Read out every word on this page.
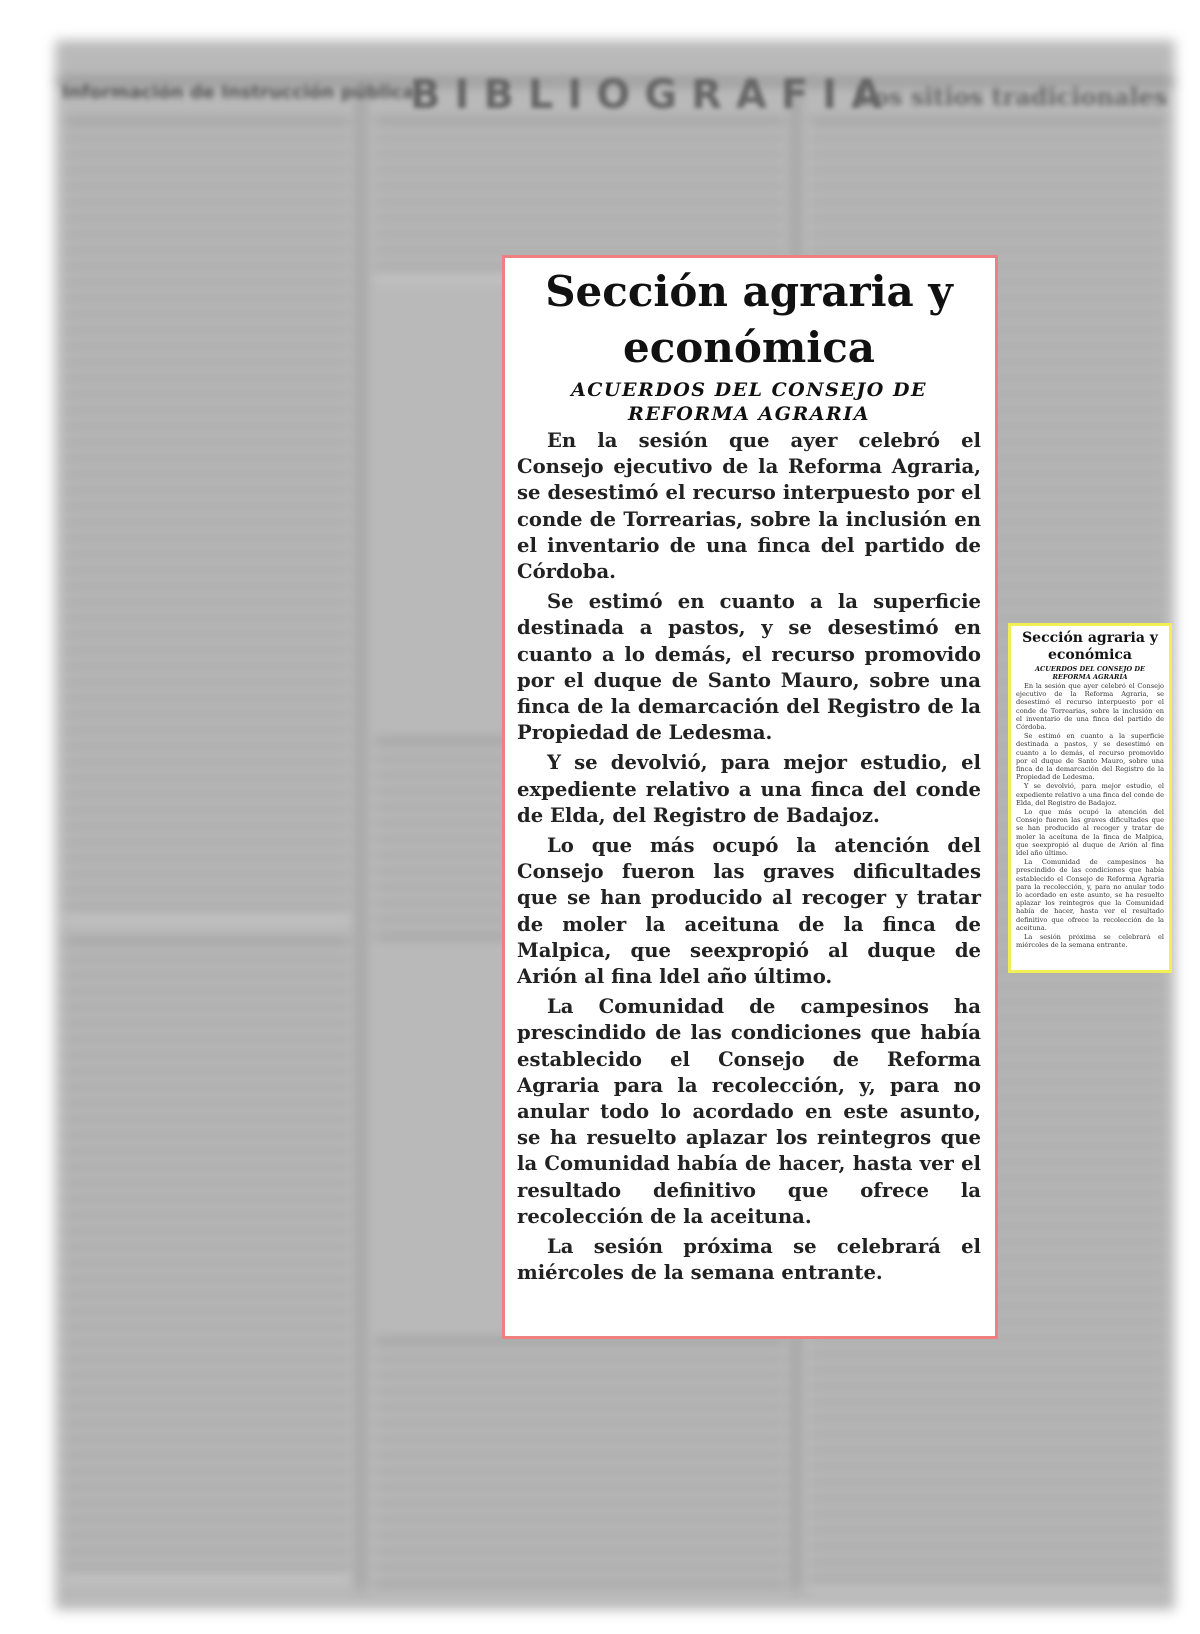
BIBLIOGRAFIA
Información de Instrucción pública	Los sitios tradicionales
Sección agraria y económica
ACUERDOS DEL CONSEJO DE REFORMA AGRARIA

En la sesión que ayer celebró el Consejo ejecutivo de la Reforma Agraria, se desestimó el recurso interpuesto por el conde de Torrearias, sobre la inclusión en el inventario de una finca del partido de Córdoba.

Se estimó en cuanto a la superficie destinada a pastos, y se desestimó en cuanto a lo demás, el recurso promovido por el duque de Santo Mauro, sobre una finca de la demarcación del Registro de la Propiedad de Ledesma.

Y se devolvió, para mejor estudio, el expediente relativo a una finca del conde de Elda, del Registro de Badajoz.

Lo que más ocupó la atención del Consejo fueron las graves dificultades que se han producido al recoger y tratar de moler la aceituna de la finca de Malpica, que seexpropió al duque de Arión al fina ldel año último.

La Comunidad de campesinos ha prescindido de las condiciones que había establecido el Consejo de Reforma Agraria para la recolección, y, para no anular todo lo acordado en este asunto, se ha resuelto aplazar los reintegros que la Comunidad había de hacer, hasta ver el resultado definitivo que ofrece la recolección de la aceituna.

La sesión próxima se celebrará el miércoles de la semana entrante.

Sección agraria y económica
ACUERDOS DEL CONSEJO DE REFORMA AGRARIA

En la sesión que ayer celebró el Consejo ejecutivo de la Reforma Agraria, se desestimó el recurso interpuesto por el conde de Torrearias, sobre la inclusión en el inventario de una finca del partido de Córdoba.

Se estimó en cuanto a la superficie destinada a pastos, y se desestimó en cuanto a lo demás, el recurso promovido por el duque de Santo Mauro, sobre una finca de la demarcación del Registro de la Propiedad de Ledesma.

Y se devolvió, para mejor estudio, el expediente relativo a una finca del conde de Elda, del Registro de Badajoz.

Lo que más ocupó la atención del Consejo fueron las graves dificultades que se han producido al recoger y tratar de moler la aceituna de la finca de Malpica, que seexpropió al duque de Arión al fina ldel año último.

La Comunidad de campesinos ha prescindido de las condiciones que había establecido el Consejo de Reforma Agraria para la recolección, y, para no anular todo lo acordado en este asunto, se ha resuelto aplazar los reintegros que la Comunidad había de hacer, hasta ver el resultado definitivo que ofrece la recolección de la aceituna.

La sesión próxima se celebrará el miércoles de la semana entrante.
